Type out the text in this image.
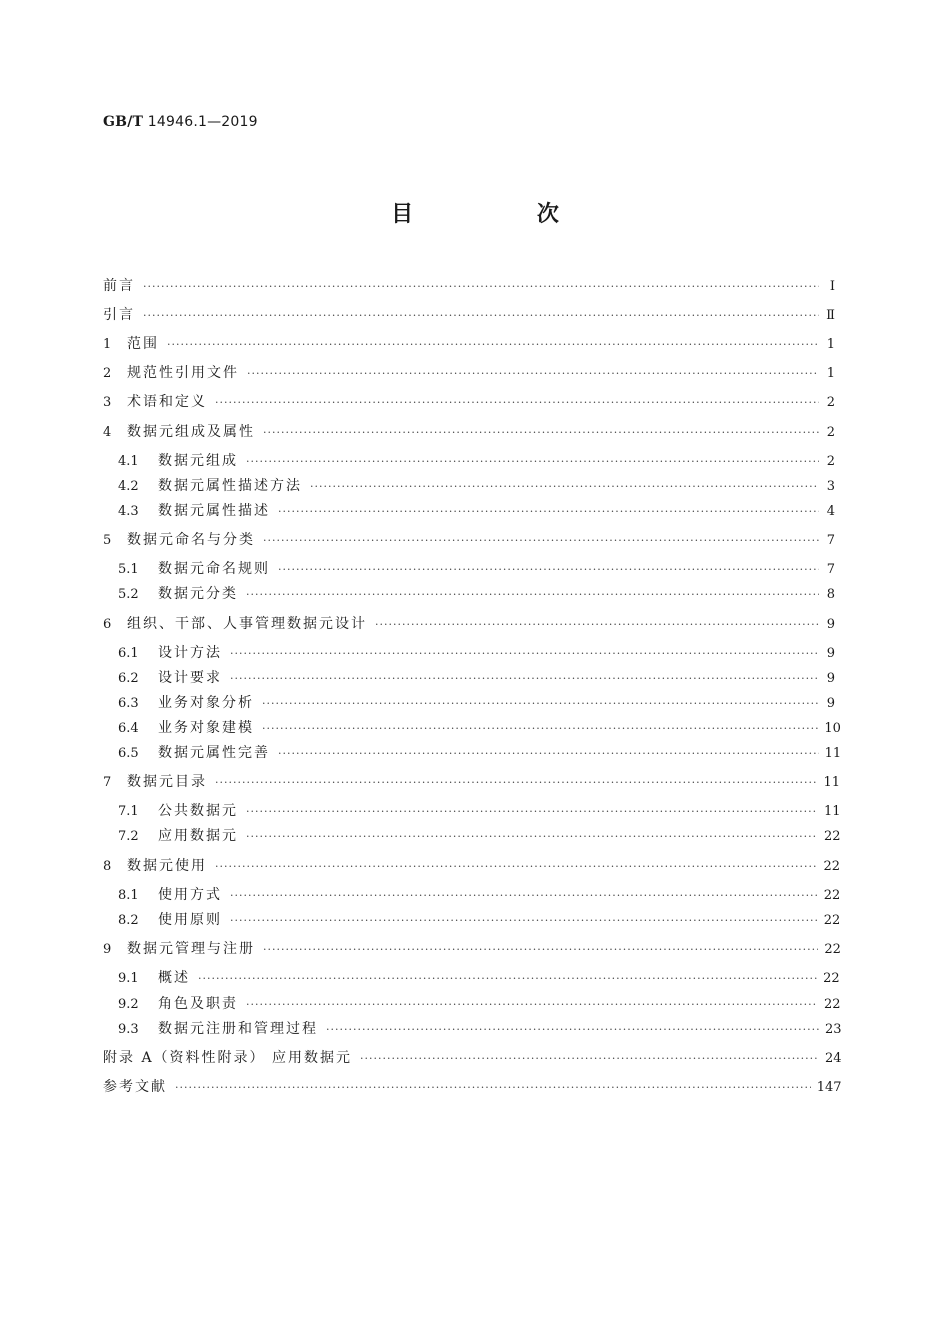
GB/T 14946.1—2019
目 次
前言 ·····	Ⅰ
引言 ·····	Ⅱ
1	范围 ·····	1
2	规范性引用文件 ·····	1
3	术语和定义 ·····	2
4	数据元组成及属性 ·····	2
4.1	数据元组成 ·····	2
4.2	数据元属性描述方法 ·····	3
4.3	数据元属性描述 ·····	4
5	数据元命名与分类 ·····	7
5.1	数据元命名规则 ·····	7
5.2	数据元分类 ·····	8
6	组织、干部、人事管理数据元设计 ·····	9
6.1	设计方法 ·····	9
6.2	设计要求 ·····	9
6.3	业务对象分析 ·····	9
6.4	业务对象建模 ·····	10
6.5	数据元属性完善 ·····	11
7	数据元目录 ·····	11
7.1	公共数据元 ·····	11
7.2	应用数据元 ·····	22
8	数据元使用 ·····	22
8.1	使用方式 ·····	22
8.2	使用原则 ·····	22
9	数据元管理与注册 ·····	22
9.1	概述 ·····	22
9.2	角色及职责 ·····	22
9.3	数据元注册和管理过程 ·····	23
附录 A（资料性附录） 应用数据元 ·····	24
参考文献 ·····	147
